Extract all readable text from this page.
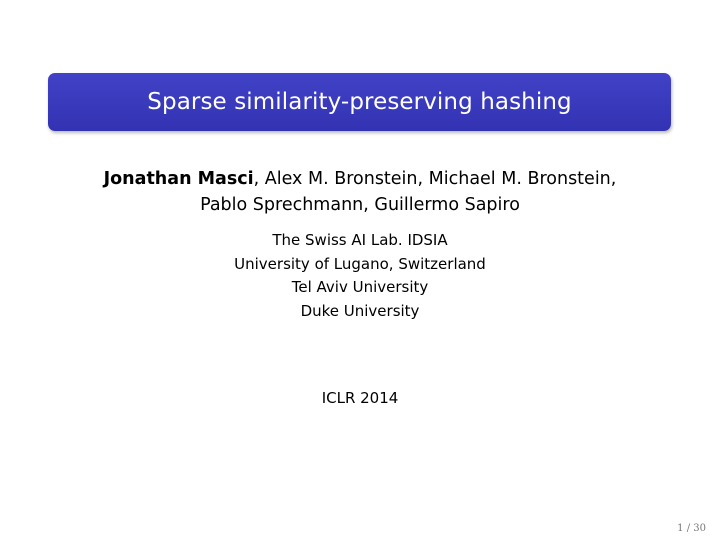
Sparse similarity-preserving hashing
Jonathan Masci, Alex M. Bronstein, Michael M. Bronstein,
Pablo Sprechmann, Guillermo Sapiro
The Swiss AI Lab. IDSIA
University of Lugano, Switzerland
Tel Aviv University
Duke University
ICLR 2014
1 / 30
